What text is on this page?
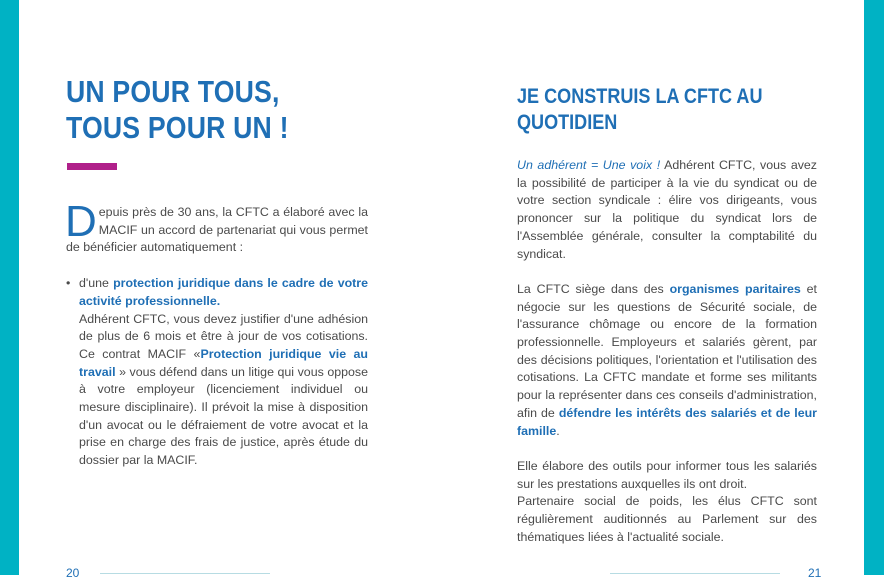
UN POUR TOUS,
TOUS POUR UN !

Depuis près de 30 ans, la CFTC a élaboré avec la MACIF un accord de partenariat qui vous permet de bénéficier automatiquement :

• d'une protection juridique dans le cadre de votre activité professionnelle.

Adhérent CFTC, vous devez justifier d'une adhésion de plus de 6 mois et être à jour de vos cotisations. Ce contrat MACIF «Protection juridique vie au travail » vous défend dans un litige qui vous oppose à votre employeur (licenciement individuel ou mesure disciplinaire). Il prévoit la mise à disposition d'un avocat ou le défraiement de votre avocat et la prise en charge des frais de justice, après étude du dossier par la MACIF.

JE CONSTRUIS LA CFTC AU
QUOTIDIEN

Un adhérent = Une voix ! Adhérent CFTC, vous avez la possibilité de participer à la vie du syndicat ou de votre section syndicale : élire vos dirigeants, vous prononcer sur la politique du syndicat lors de l'Assemblée générale, consulter la comptabilité du syndicat.

La CFTC siège dans des organismes paritaires et négocie sur les questions de Sécurité sociale, de l'assurance chômage ou encore de la formation professionnelle. Employeurs et salariés gèrent, par des décisions politiques, l'orientation et l'utilisation des cotisations. La CFTC mandate et forme ses militants pour la représenter dans ces conseils d'administration, afin de défendre les intérêts des salariés et de leur famille.

Elle élabore des outils pour informer tous les salariés sur les prestations auxquelles ils ont droit.

Partenaire social de poids, les élus CFTC sont régulièrement auditionnés au Parlement sur des thématiques liées à l'actualité sociale.

20	21
